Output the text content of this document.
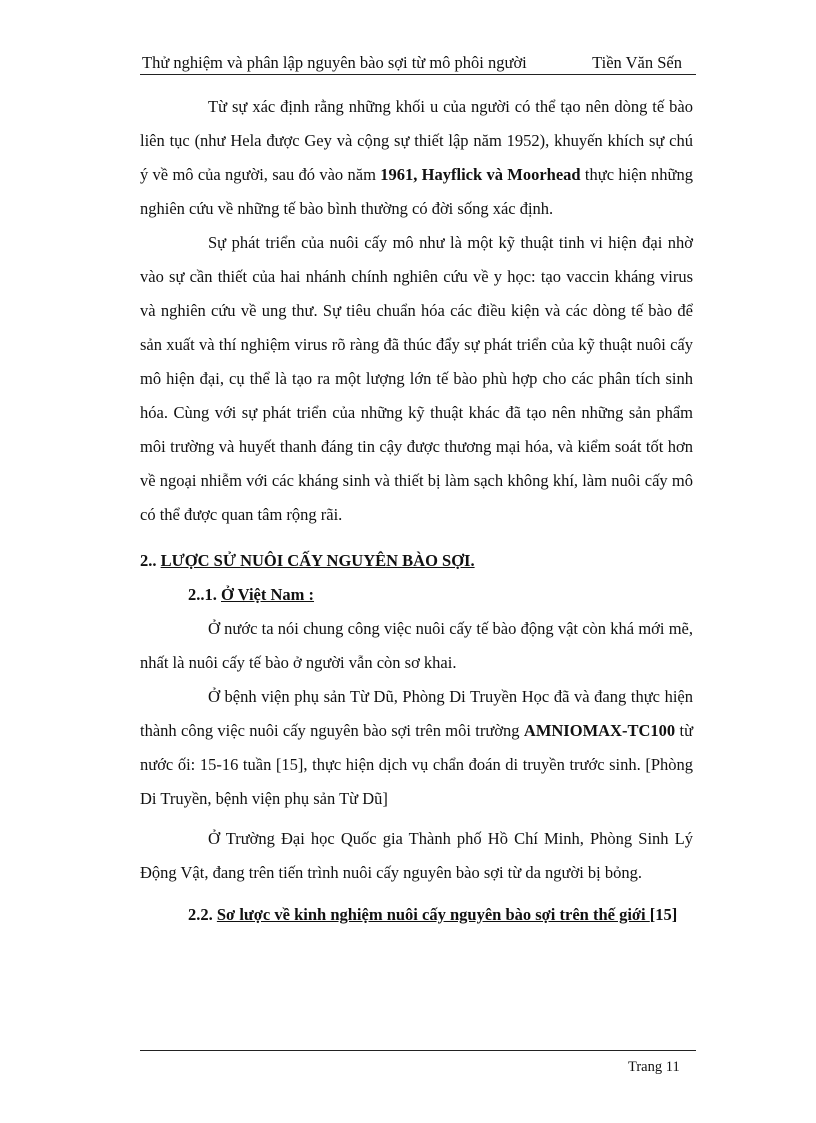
Thử nghiệm và phân lập nguyên bào sợi từ mô phôi người	Tiền Văn Sến

Từ sự xác định rằng những khối u của người có thể tạo nên dòng tế bào liên tục (như Hela được Gey và cộng sự thiết lập năm 1952), khuyến khích sự chú ý về mô của người, sau đó vào năm 1961, Hayflick và Moorhead thực hiện những nghiên cứu về những tế bào bình thường có đời sống xác định.

Sự phát triển của nuôi cấy mô như là một kỹ thuật tinh vi hiện đại nhờ vào sự cần thiết của hai nhánh chính nghiên cứu về y học: tạo vaccin kháng virus và nghiên cứu về ung thư. Sự tiêu chuẩn hóa các điều kiện và các dòng tế bào để sản xuất và thí nghiệm virus rõ ràng đã thúc đẩy sự phát triển của kỹ thuật nuôi cấy mô hiện đại, cụ thể là tạo ra một lượng lớn tế bào phù hợp cho các phân tích sinh hóa. Cùng với sự phát triển của những kỹ thuật khác đã tạo nên những sản phẩm môi trường và huyết thanh đáng tin cậy được thương mại hóa, và kiểm soát tốt hơn về ngoại nhiễm với các kháng sinh và thiết bị làm sạch không khí, làm nuôi cấy mô có thể được quan tâm rộng rãi.

2.. LƯỢC SỬ NUÔI CẤY NGUYÊN BÀO SỢI.
2..1. Ở Việt Nam :

Ở nước ta nói chung công việc nuôi cấy tế bào động vật còn khá mới mẽ, nhất là nuôi cấy tế bào ở người vẫn còn sơ khai.

Ở bệnh viện phụ sản Từ Dũ, Phòng Di Truyền Học đã và đang thực hiện thành công việc nuôi cấy nguyên bào sợi trên môi trường AMNIOMAX-TC100 từ nước ối: 15-16 tuần [15], thực hiện dịch vụ chẩn đoán di truyền trước sinh. [Phòng Di Truyền, bệnh viện phụ sản Từ Dũ]

Ở Trường Đại học Quốc gia Thành phố Hồ Chí Minh, Phòng Sinh Lý Động Vật, đang trên tiến trình nuôi cấy nguyên bào sợi từ da người bị bỏng.

2.2. Sơ lược về kinh nghiệm nuôi cấy nguyên bào sợi trên thế giới [15]
Trang 11
